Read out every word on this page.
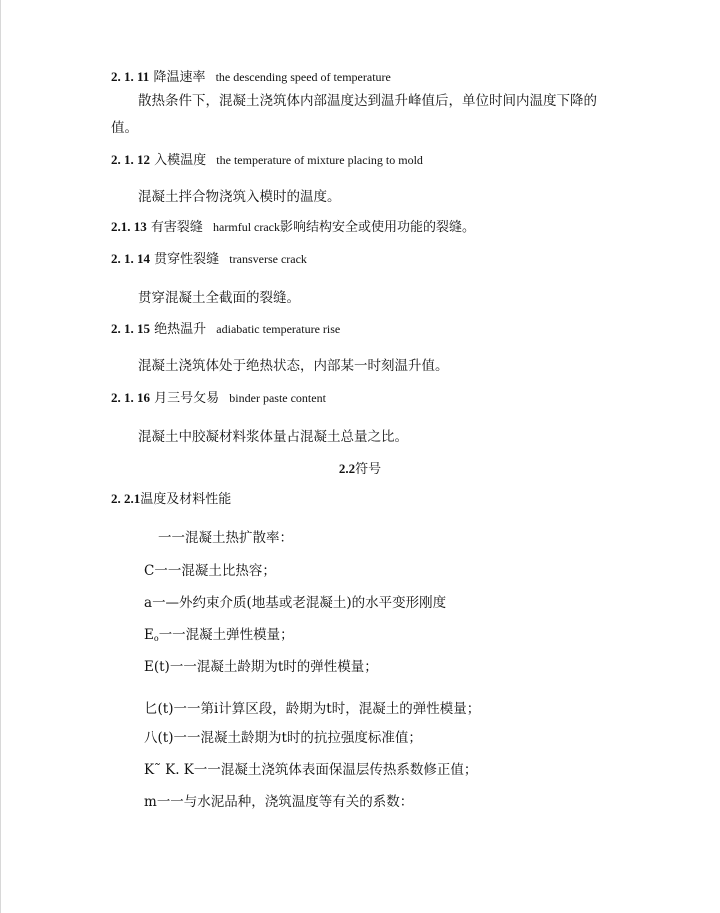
2. 1. 11 降温速率 the descending speed of temperature
散热条件下，混凝土浇筑体内部温度达到温升峰值后，单位时间内温度下降的
值。
2. 1. 12 入模温度 the temperature of mixture placing to mold
混凝土拌合物浇筑入模时的温度。
2.1. 13 有害裂缝 harmful crack影响结构安全或使用功能的裂缝。
2. 1. 14 贯穿性裂缝 transverse crack
贯穿混凝土全截面的裂缝。
2. 1. 15 绝热温升 adiabatic temperature rise
混凝土浇筑体处于绝热状态，内部某一时刻温升值。
2. 1. 16 月三号攵易 binder paste content
混凝土中胶凝材料浆体量占混凝土总量之比。
2.2符号
2. 2.1温度及材料性能
一一混凝土热扩散率：
C一一混凝土比热容；
a一—外约束介质(地基或老混凝土)的水平变形刚度
$E_o$一一混凝土弹性模量；
E(t)一一混凝土龄期为t时的弹性模量；
匕(t)一一第i计算区段，龄期为t时，混凝土的弹性模量；
八(t)一一混凝土龄期为t时的抗拉强度标准值；
K˜ K. K一一混凝土浇筑体表面保温层传热系数修正值；
m一一与水泥品种，浇筑温度等有关的系数：
